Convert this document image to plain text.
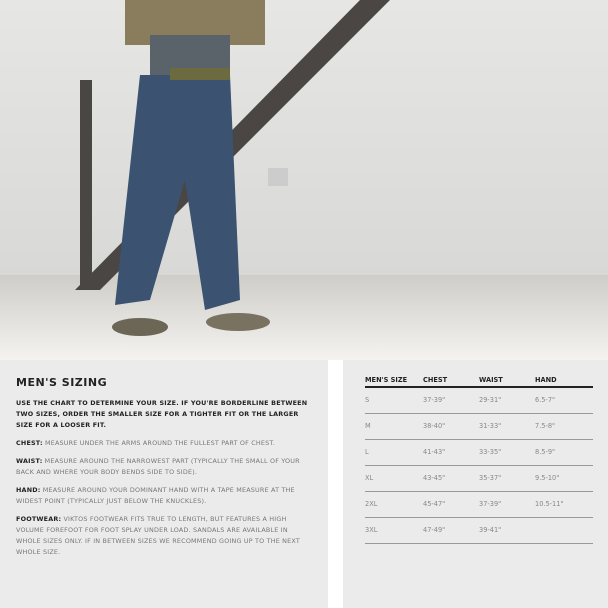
MEN'S SIZING

USE THE CHART TO DETERMINE YOUR SIZE. IF YOU'RE BORDERLINE BETWEEN TWO SIZES, ORDER THE SMALLER SIZE FOR A TIGHTER FIT OR THE LARGER SIZE FOR A LOOSER FIT.

CHEST: MEASURE UNDER THE ARMS AROUND THE FULLEST PART OF CHEST.

WAIST: MEASURE AROUND THE NARROWEST PART (TYPICALLY THE SMALL OF YOUR BACK AND WHERE YOUR BODY BENDS SIDE TO SIDE).

HAND: MEASURE AROUND YOUR DOMINANT HAND WITH A TAPE MEASURE AT THE WIDEST POINT (TYPICALLY JUST BELOW THE KNUCKLES).

FOOTWEAR: VIKTOS FOOTWEAR FITS TRUE TO LENGTH, BUT FEATURES A HIGH VOLUME FOREFOOT FOR FOOT SPLAY UNDER LOAD. SANDALS ARE AVAILABLE IN WHOLE SIZES ONLY. IF IN BETWEEN SIZES WE RECOMMEND GOING UP TO THE NEXT WHOLE SIZE.

MEN'S SIZE	CHEST	WAIST	HAND
S	37-39"	29-31"	6.5-7"
M	38-40"	31-33"	7.5-8"
L	41-43"	33-35"	8.5-9"
XL	43-45"	35-37"	9.5-10"
2XL	45-47"	37-39"	10.5-11"
3XL	47-49"	39-41"	
